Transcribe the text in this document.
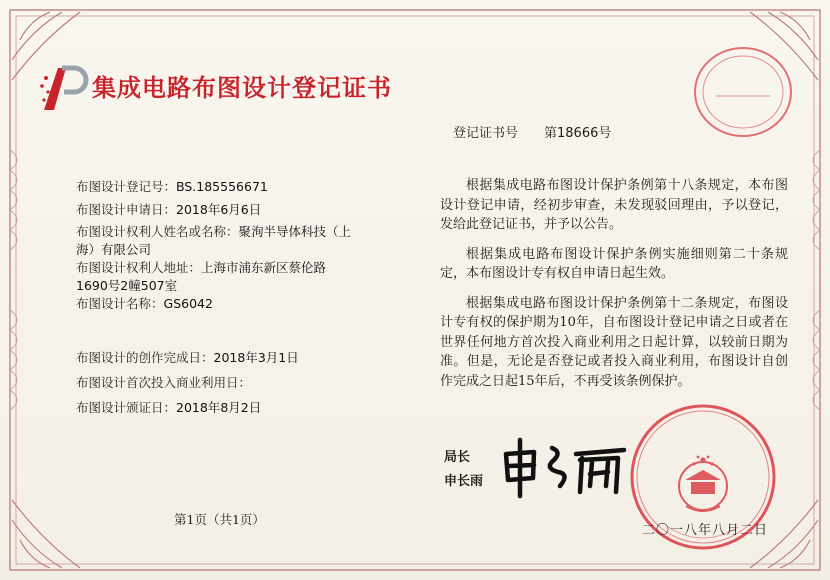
集成电路布图设计登记证书
登记证书号 第18666号
布图设计登记号：BS.185556671
布图设计申请日：2018年6月6日
布图设计权利人姓名或名称：聚洵半导体科技（上海）有限公司
布图设计权利人地址：上海市浦东新区蔡伦路1690号2幢507室
布图设计名称：GS6042
布图设计的创作完成日：2018年3月1日
布图设计首次投入商业利用日：
布图设计颁证日：2018年8月2日

根据集成电路布图设计保护条例第十八条规定，本布图设计登记申请，经初步审查，未发现驳回理由，予以登记，发给此登记证书，并予以公告。

根据集成电路布图设计保护条例实施细则第二十条规定，本布图设计专有权自申请日起生效。

根据集成电路布图设计保护条例第十二条规定，布图设计专有权的保护期为10年，自布图设计登记申请之日或者在世界任何地方首次投入商业利用之日起计算，以较前日期为准。但是，无论是否登记或者投入商业利用，布图设计自创作完成之日起15年后，不再受该条例保护。

局长
申长雨
二〇一八年八月二日
第1页（共1页）
